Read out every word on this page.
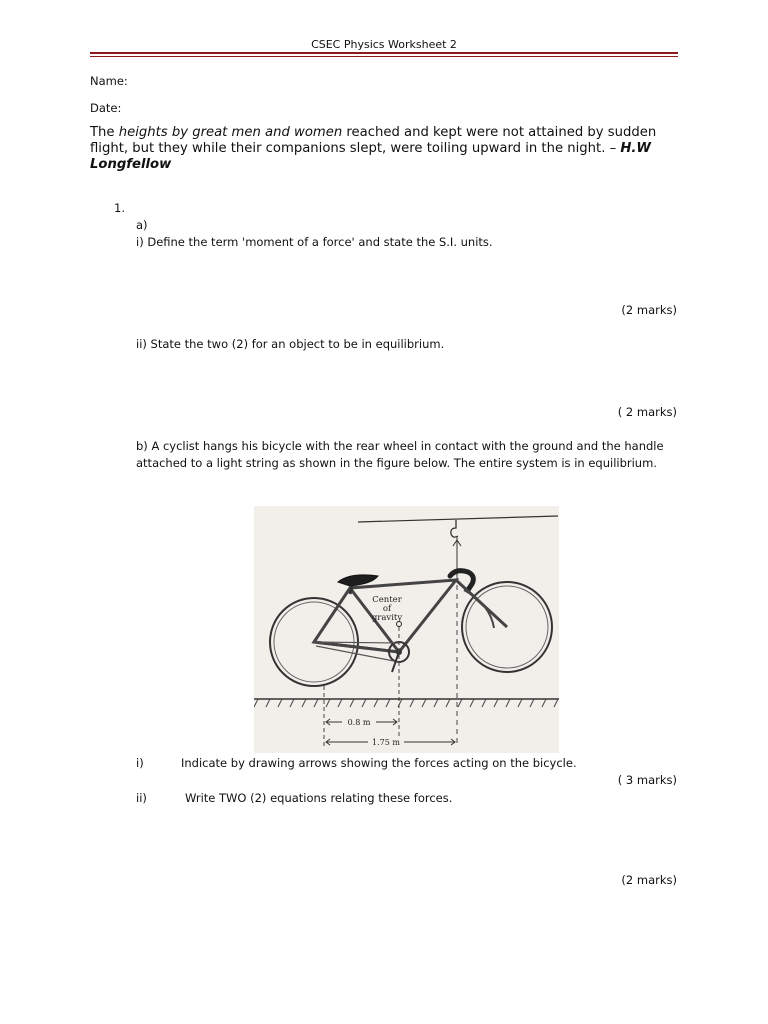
CSEC Physics Worksheet 2
Name:
Date:
The heights by great men and women reached and kept were not attained by sudden flight, but they while their companions slept, were toiling upward in the night. – H.W Longfellow
1.
a)
i) Define the term 'moment of a force' and state the S.I. units.
(2 marks)
ii) State the two (2) for an object to be in equilibrium.
( 2 marks)
b) A cyclist hangs his bicycle with the rear wheel in contact with the ground and the handle attached to a light string as shown in the figure below. The entire system is in equilibrium.
Center
of
gravity
0.8 m
1.75 m
i)	Indicate by drawing arrows showing the forces acting on the bicycle.
( 3 marks)
ii)	Write TWO (2) equations relating these forces.
(2 marks)
